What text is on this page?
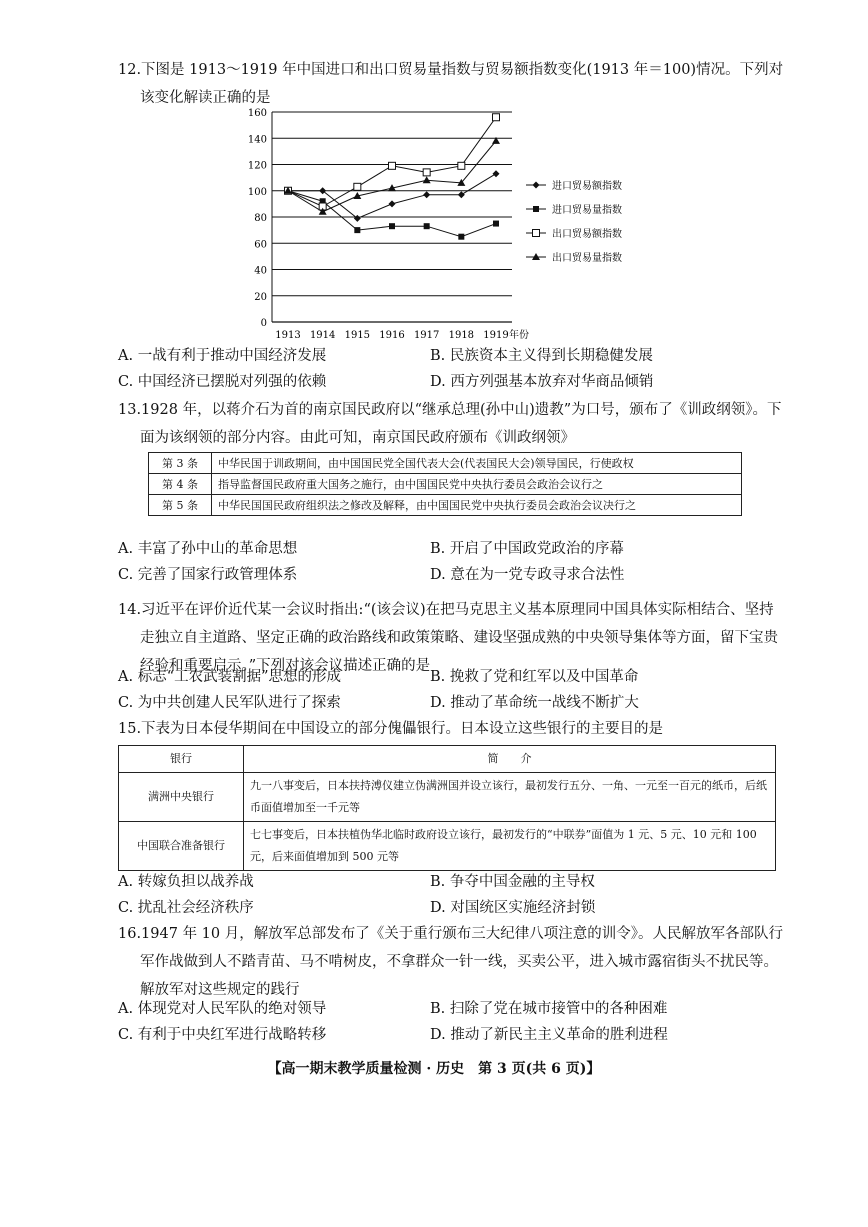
12.下图是 1913～1919 年中国进口和出口贸易量指数与贸易额指数变化(1913 年＝100)情况。下列对该变化解读正确的是

0
20
40
60
80
100
120
140
160
1913 1914 1915 1916 1917 1918 1919 年份
进口贸易额指数
进口贸易量指数
出口贸易额指数
出口贸易量指数
A. 一战有利于推动中国经济发展	B. 民族资本主义得到长期稳健发展
C. 中国经济已摆脱对列强的依赖	D. 西方列强基本放弃对华商品倾销

13.1928 年，以蒋介石为首的南京国民政府以“继承总理(孙中山)遗教”为口号，颁布了《训政纲领》。下面为该纲领的部分内容。由此可知，南京国民政府颁布《训政纲领》

第 3 条	中华民国于训政期间，由中国国民党全国代表大会(代表国民大会)领导国民，行使政权
第 4 条	指导监督国民政府重大国务之施行，由中国国民党中央执行委员会政治会议行之
第 5 条	中华民国国民政府组织法之修改及解释，由中国国民党中央执行委员会政治会议决行之
A. 丰富了孙中山的革命思想	B. 开启了中国政党政治的序幕
C. 完善了国家行政管理体系	D. 意在为一党专政寻求合法性

14.习近平在评价近代某一会议时指出:“(该会议)在把马克思主义基本原理同中国具体实际相结合、坚持走独立自主道路、坚定正确的政治路线和政策策略、建设坚强成熟的中央领导集体等方面，留下宝贵经验和重要启示。”下列对该会议描述正确的是

A. 标志“工农武装割据”思想的形成	B. 挽救了党和红军以及中国革命
C. 为中共创建人民军队进行了探索	D. 推动了革命统一战线不断扩大

15.下表为日本侵华期间在中国设立的部分傀儡银行。日本设立这些银行的主要目的是

银行	简　　介
满洲中央银行	九一八事变后，日本扶持溥仪建立伪满洲国并设立该行，最初发行五分、一角、一元至一百元的纸币，后纸币面值增加至一千元等
中国联合准备银行	七七事变后，日本扶植伪华北临时政府设立该行，最初发行的“中联券”面值为 1 元、5 元、10 元和 100 元，后来面值增加到 500 元等
A. 转嫁负担以战养战	B. 争夺中国金融的主导权
C. 扰乱社会经济秩序	D. 对国统区实施经济封锁

16.1947 年 10 月，解放军总部发布了《关于重行颁布三大纪律八项注意的训令》。人民解放军各部队行军作战做到人不踏青苗、马不啃树皮，不拿群众一针一线，买卖公平，进入城市露宿街头不扰民等。解放军对这些规定的践行

A. 体现党对人民军队的绝对领导	B. 扫除了党在城市接管中的各种困难
C. 有利于中央红军进行战略转移	D. 推动了新民主主义革命的胜利进程
【高一期末教学质量检测 · 历史　第 3 页(共 6 页)】
